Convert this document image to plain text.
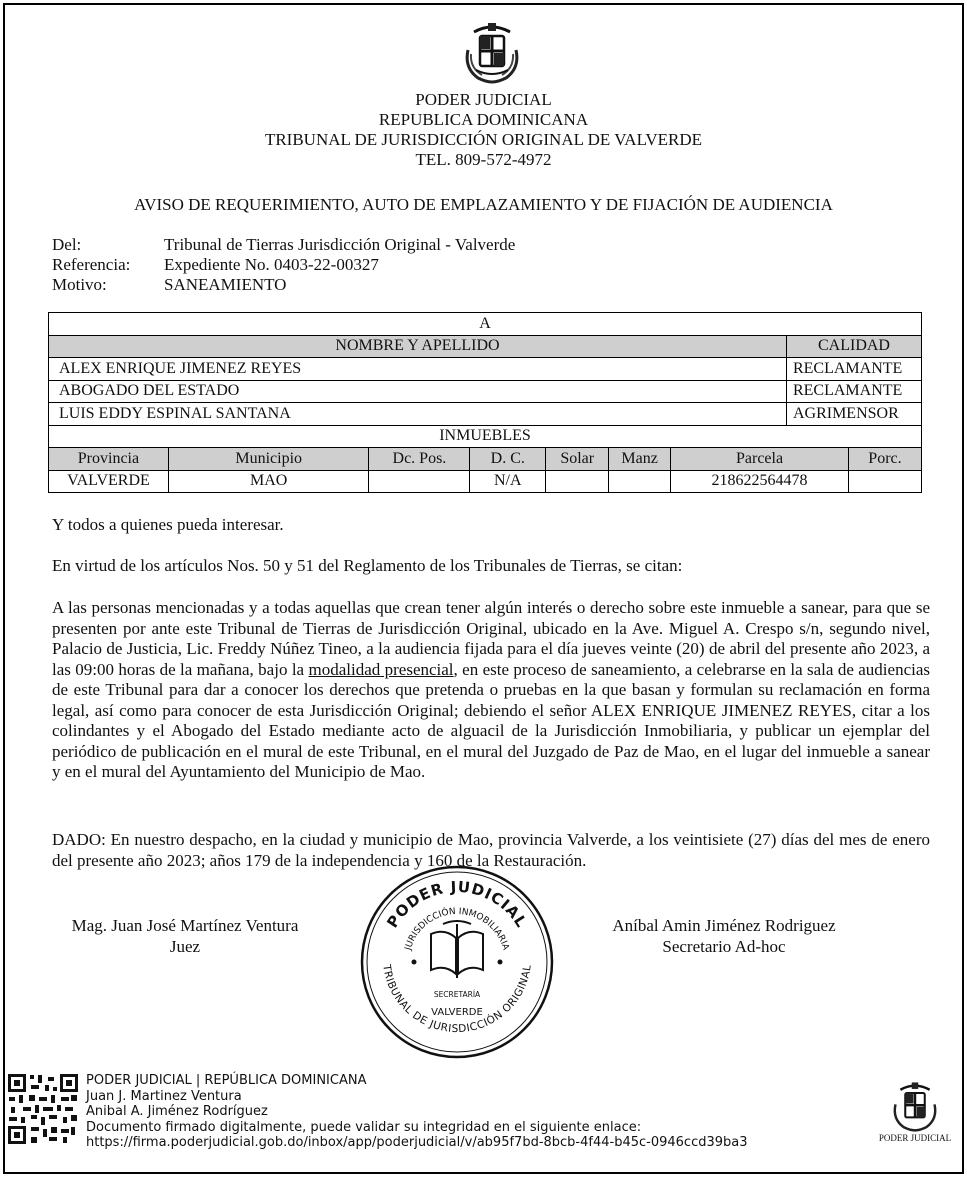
PODER JUDICIAL
REPUBLICA DOMINICANA
TRIBUNAL DE JURISDICCIÓN ORIGINAL DE VALVERDE
TEL. 809-572-4972
AVISO DE REQUERIMIENTO, AUTO DE EMPLAZAMIENTO Y DE FIJACIÓN DE AUDIENCIA
Del:	Tribunal de Tierras Jurisdicción Original - Valverde
Referencia:	Expediente No. 0403-22-00327
Motivo:	SANEAMIENTO
A								
NOMBRE Y APELLIDO							CALIDAD	
ALEX ENRIQUE JIMENEZ REYES							RECLAMANTE	
ABOGADO DEL ESTADO							RECLAMANTE	
LUIS EDDY ESPINAL SANTANA							AGRIMENSOR	
INMUEBLES								
Provincia	Municipio	Dc. Pos.	D. C.	Solar	Manz	Parcela		Porc.
VALVERDE	MAO		N/A			218622564478		

Y todos a quienes pueda interesar.

En virtud de los artículos Nos. 50 y 51 del Reglamento de los Tribunales de Tierras, se citan:

A las personas mencionadas y a todas aquellas que crean tener algún interés o derecho sobre este inmueble a sanear, para que se presenten por ante este Tribunal de Tierras de Jurisdicción Original, ubicado en la Ave. Miguel A. Crespo s/n, segundo nivel, Palacio de Justicia, Lic. Freddy Núñez Tineo, a la audiencia fijada para el día jueves veinte (20) de abril del presente año 2023, a las 09:00 horas de la mañana, bajo la modalidad presencial, en este proceso de saneamiento, a celebrarse en la sala de audiencias de este Tribunal para dar a conocer los derechos que pretenda o pruebas en la que basan y formulan su reclamación en forma legal, así como para conocer de esta Jurisdicción Original; debiendo el señor ALEX ENRIQUE JIMENEZ REYES, citar a los colindantes y el Abogado del Estado mediante acto de alguacil de la Jurisdicción Inmobiliaria, y publicar un ejemplar del periódico de publicación en el mural de este Tribunal, en el mural del Juzgado de Paz de Mao, en el lugar del inmueble a sanear y en el mural del Ayuntamiento del Municipio de Mao.

DADO: En nuestro despacho, en la ciudad y municipio de Mao, provincia Valverde, a los veintisiete (27) días del mes de enero del presente año 2023; años 179 de la independencia y 160 de la Restauración.

Mag. Juan José Martínez Ventura
Juez
Aníbal Amin Jiménez Rodriguez
Secretario Ad-hoc
PODER JUDICIAL
JURISDICCIÓN INMOBILIARIA
TRIBUNAL DE JURISDICCIÓN ORIGINAL
SECRETARÍA
VALVERDE
PODER JUDICIAL | REPÚBLICA DOMINICANA
Juan J. Martinez Ventura
Anibal A. Jiménez Rodríguez
Documento firmado digitalmente, puede validar su integridad en el siguiente enlace:
https://firma.poderjudicial.gob.do/inbox/app/poderjudicial/v/ab95f7bd-8bcb-4f44-b45c-0946ccd39ba3	PODER JUDICIAL
